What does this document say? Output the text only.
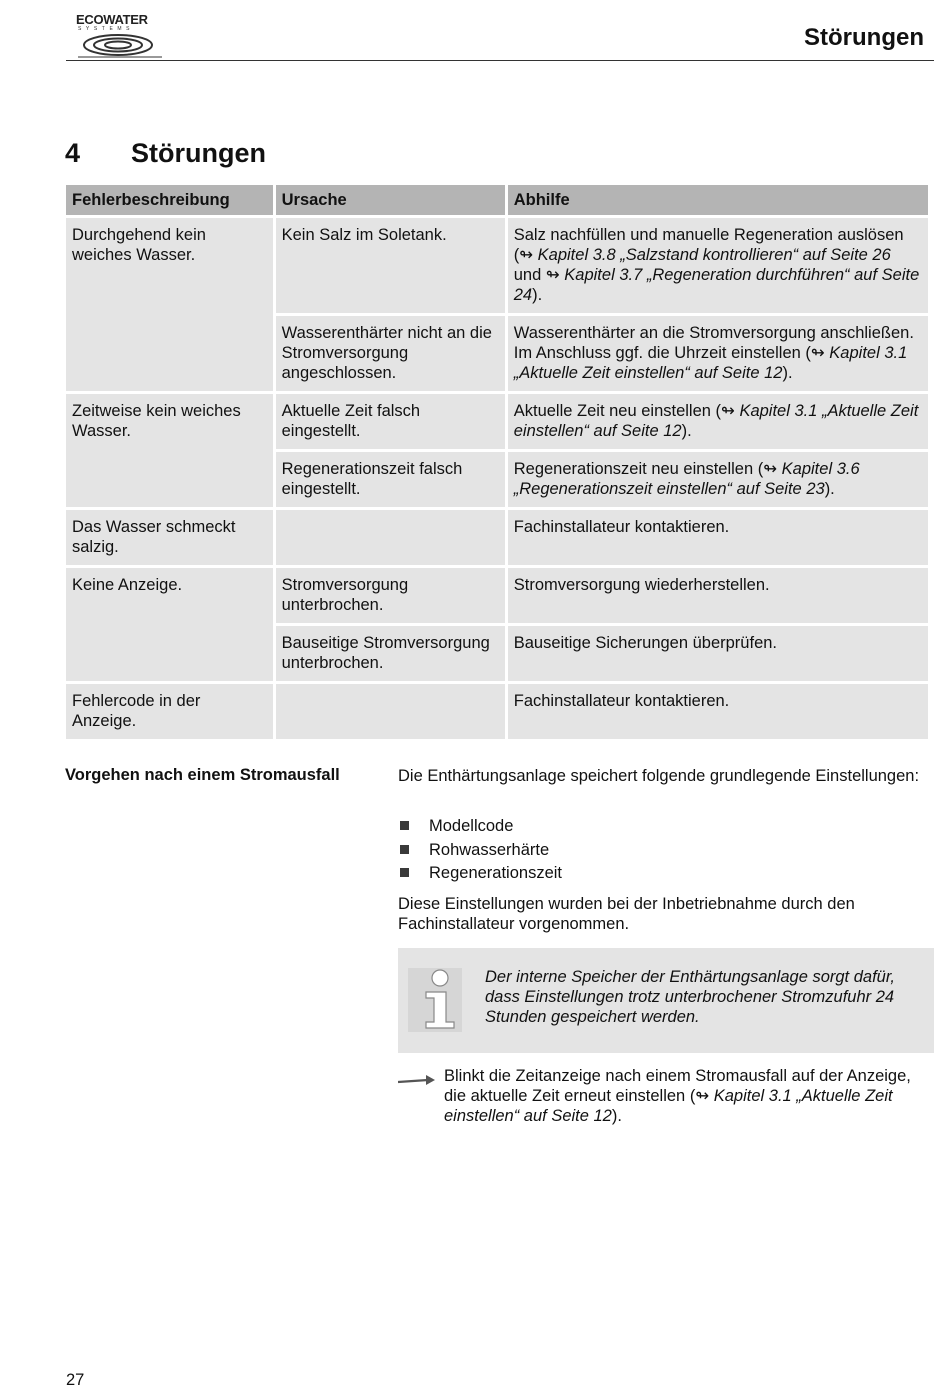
ECOWATER
SYSTEMS	Störungen
4 Störungen
Fehlerbeschreibung	Ursache	Abhilfe
Durchgehend kein weiches Wasser.	Kein Salz im Soletank.	Salz nachfüllen und manuelle Regeneration auslösen (↬ Kapitel 3.8 „Salzstand kontrollieren“ auf Seite 26 und ↬ Kapitel 3.7 „Regeneration durchführen“ auf Seite 24).
	Wasserenthärter nicht an die Stromversorgung angeschlossen.	Wasserenthärter an die Stromversorgung anschließen. Im Anschluss ggf. die Uhrzeit einstellen (↬ Kapitel 3.1 „Aktuelle Zeit einstellen“ auf Seite 12).
Zeitweise kein weiches Wasser.	Aktuelle Zeit falsch eingestellt.	Aktuelle Zeit neu einstellen (↬ Kapitel 3.1 „Aktuelle Zeit einstellen“ auf Seite 12).
	Regenerationszeit falsch eingestellt.	Regenerationszeit neu einstellen (↬ Kapitel 3.6 „Regenerationszeit einstellen“ auf Seite 23).
Das Wasser schmeckt salzig.		Fachinstallateur kontaktieren.
Keine Anzeige.	Stromversorgung unterbrochen.	Stromversorgung wiederherstellen.
	Bauseitige Stromversorgung unterbrochen.	Bauseitige Sicherungen überprüfen.
Fehlercode in der Anzeige.		Fachinstallateur kontaktieren.
Vorgehen nach einem Stromausfall	Die Enthärtungsanlage speichert folgende grundlegende Einstellungen:
Modellcode
Rohwasserhärte
Regenerationszeit
Diese Einstellungen wurden bei der Inbetriebnahme durch den Fachinstallateur vorgenommen.
Der interne Speicher der Enthärtungsanlage sorgt dafür, dass Einstellungen trotz unterbrochener Stromzufuhr 24 Stunden gespeichert werden.
Blinkt die Zeitanzeige nach einem Stromausfall auf der Anzeige, die aktuelle Zeit erneut einstellen (↬ Kapitel 3.1 „Aktuelle Zeit einstellen“ auf Seite 12).
27
